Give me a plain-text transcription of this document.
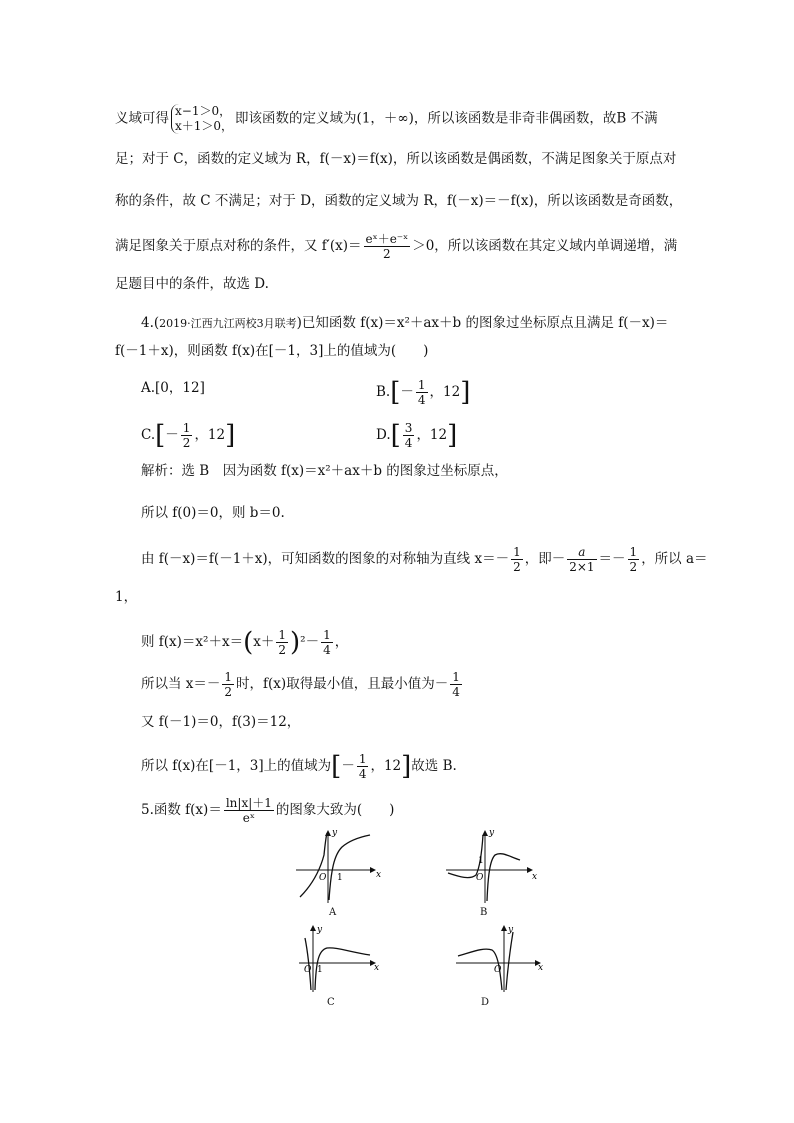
义域可得 x−1＞0，
x＋1＞0， 即该函数的定义域为(1，＋∞)，所以该函数是非奇非偶函数，故B 不满
足；对于 C，函数的定义域为 R，f(－x)＝f(x)，所以该函数是偶函数，不满足图象关于原点对
称的条件，故 C 不满足；对于 D，函数的定义域为 R，f(－x)＝－f(x)，所以该函数是奇函数，
满足图象关于原点对称的条件，又 $f'(x)= \frac{\text{eˣ＋e⁻ˣ}}{2} >0$，所以该函数在其定义域内单调递增，满
足题目中的条件，故选 D.
4.(2019·江西九江两校3月联考)已知函数 f(x)＝x²＋ax＋b 的图象过坐标原点且满足 f(－x)＝
f(－1＋x)，则函数 f(x)在[－1，3]上的值域为(　　)
A.[0，12]	$B.[- \frac{1}{4}$ ，12]
$C.[- \frac{1}{2}$ ，12]	$D.[ \frac{3}{4}$ ，12]
解析：选 B　因为函数 f(x)＝x²＋ax＋b 的图象过坐标原点，
所以 f(0)＝0，则 b＝0.
由 f(－x)＝f(－1＋x)，可知函数的图象的对称轴为直线 $x=- \frac{1}{2}$ ，即－ $\frac{a}{2\times 1} =- \frac{1}{2}$ ，所以 a＝
1，
则 $f(x)=x^2+x=(x+ \frac{1}{2} )^2- \frac{1}{4}$ ，
所以当 $x=- \frac{1}{2}$ 时，f(x)取得最小值，且最小值为－ $\frac{1}{4}$
又 f(－1)＝0，f(3)＝12，
所以 f(x)在[－1，3]上的值域为[－ $\frac{1}{4}$ ，12]故选 B.
5.函数 $f(x)= \frac{\ln|x|+1}{\text{eˣ}}$ 的图象大致为(　　)
O 1	x
y
A
O
1
x
y
B
O 1	x
y
C
O	x
y
D
